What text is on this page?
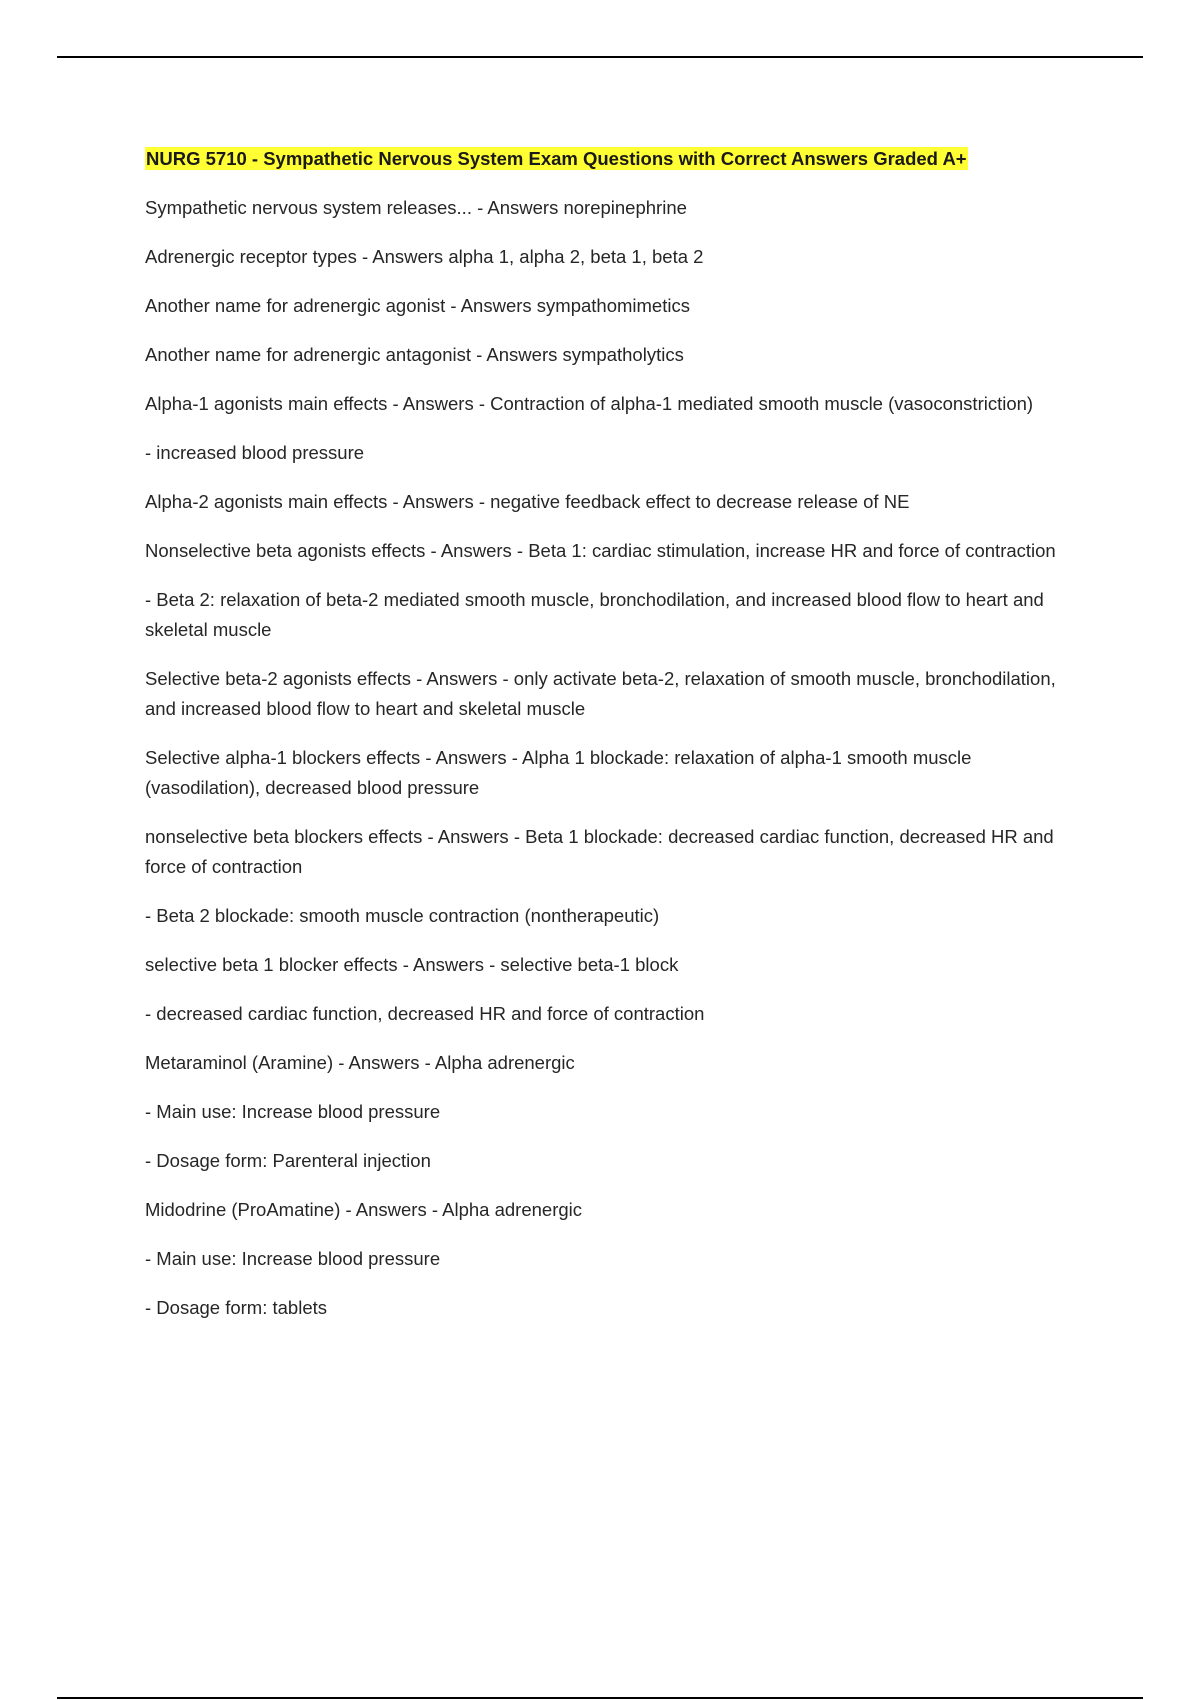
NURG 5710 - Sympathetic Nervous System Exam Questions with Correct Answers Graded A+

Sympathetic nervous system releases... - Answers norepinephrine

Adrenergic receptor types - Answers alpha 1, alpha 2, beta 1, beta 2

Another name for adrenergic agonist - Answers sympathomimetics

Another name for adrenergic antagonist - Answers sympatholytics

Alpha-1 agonists main effects - Answers - Contraction of alpha-1 mediated smooth muscle (vasoconstriction)

- increased blood pressure

Alpha-2 agonists main effects - Answers - negative feedback effect to decrease release of NE

Nonselective beta agonists effects - Answers - Beta 1: cardiac stimulation, increase HR and force of contraction

- Beta 2: relaxation of beta-2 mediated smooth muscle, bronchodilation, and increased blood flow to heart and skeletal muscle

Selective beta-2 agonists effects - Answers - only activate beta-2, relaxation of smooth muscle, bronchodilation, and increased blood flow to heart and skeletal muscle

Selective alpha-1 blockers effects - Answers - Alpha 1 blockade: relaxation of alpha-1 smooth muscle (vasodilation), decreased blood pressure

nonselective beta blockers effects - Answers - Beta 1 blockade: decreased cardiac function, decreased HR and force of contraction

- Beta 2 blockade: smooth muscle contraction (nontherapeutic)

selective beta 1 blocker effects - Answers - selective beta-1 block

- decreased cardiac function, decreased HR and force of contraction

Metaraminol (Aramine) - Answers - Alpha adrenergic

- Main use: Increase blood pressure

- Dosage form: Parenteral injection

Midodrine (ProAmatine) - Answers - Alpha adrenergic

- Main use: Increase blood pressure

- Dosage form: tablets
